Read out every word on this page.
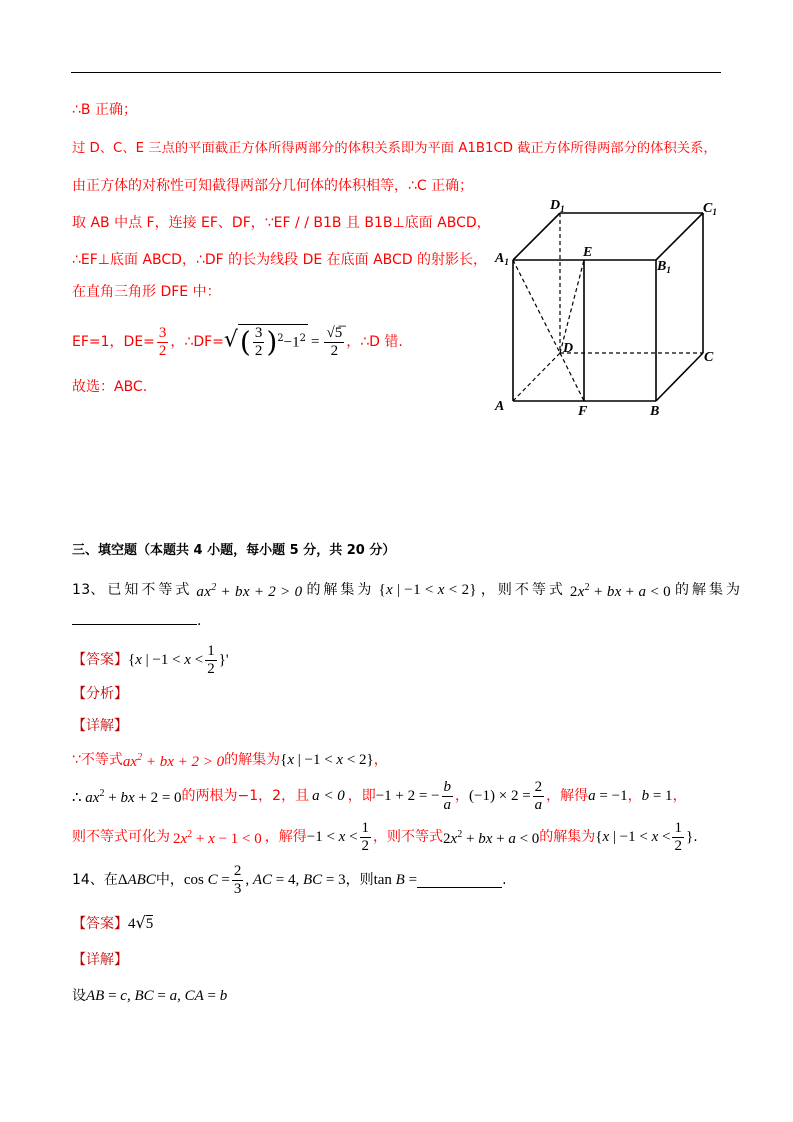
∴B 正确；
过 D、C、E 三点的平面截正方体所得两部分的体积关系即为平面 A1B1CD 截正方体所得两部分的体积关系，
由正方体的对称性可知截得两部分几何体的体积相等，∴C 正确；
取 AB 中点 F，连接 EF、DF，∵EF / / B1B 且 B1B⊥底面 ABCD，
∴EF⊥底面 ABCD，∴DF 的长为线段 DE 在底面 ABCD 的射影长，
在直角三角形 DFE 中：
EF=1，$DE= \frac{3}{2}$ ，∴DF= √( $\frac{3}{2} )^2-1^2 = \frac{√5̅}{2}$ ，∴D 错.
故选：ABC.
A	B
C
D
$A_1$	$B_1$
$C_1$
$D_1$
E
F
三、填空题（本题共 4 小题，每小题 5 分，共 20 分）
13 、已知不等式 $ax^2$ + bx + 2 > 0 的解集为 {x | −1 < x < 2} ，则不等式 $2x^2$ + bx + a < 0 的解集为
.
【答案】 {x | $-1 < x < \frac{1}{2}$ }'
【分析】
【详解】
∵不等式 $ax^2$ + bx + 2 > 0 的解集为 {x | −1 < x < 2} ，
∴ $ax^2$ + bx + 2 = 0 的两根为−1，2，且 a < 0 ，即 −1 + 2 = − $\frac{b}{a}$ ， $(-1) \times 2 = \frac{2}{a}$ ，解得 a = −1 ， b = 1 ，
则不等式可化为 $2x^2 + x - 1 < 0$ ，解得 $-1 < x < \frac{1}{2}$ ，则不等式 $2x^2$ + bx + a < 0 的解集为 {x | $-1 < x < \frac{1}{2}$ } .
14 、在 ΔABC 中， $\cos C = \frac{2}{3}$ , AC = 4, BC = 3 ，则 tan B =	.
【答案】 4√5
【详解】
设 AB = c, BC = a, CA = b
